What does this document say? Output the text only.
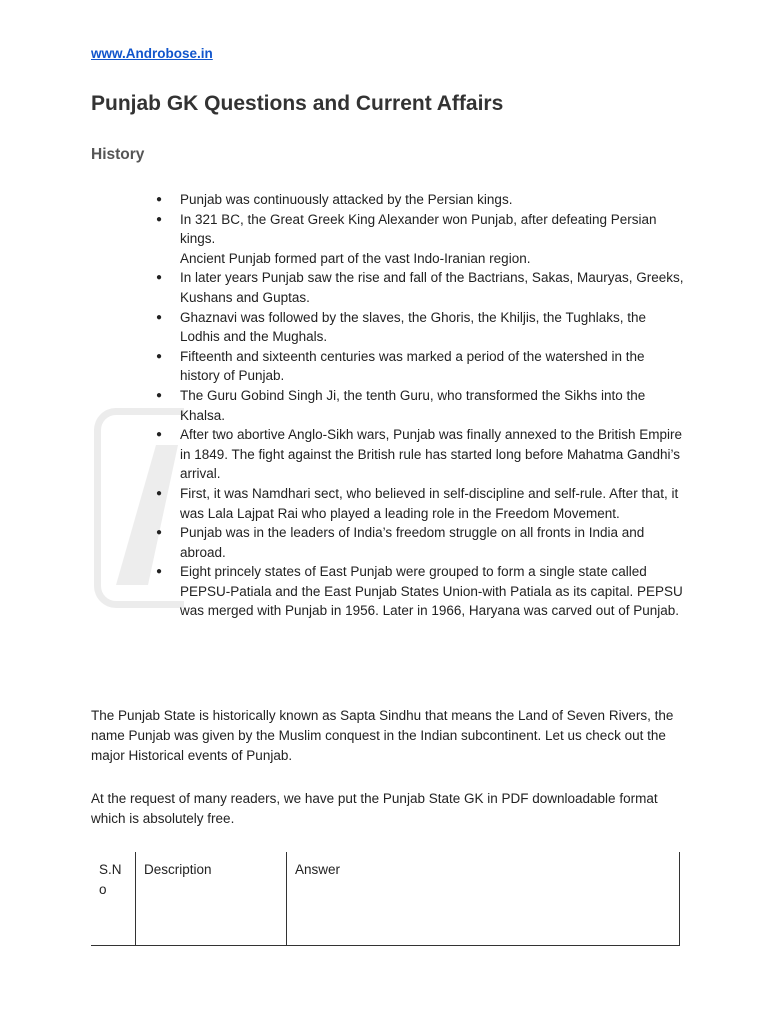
www.Androbose.in
Punjab GK Questions and Current Affairs
History
● Punjab was continuously attacked by the Persian kings.
● In 321 BC, the Great Greek King Alexander won Punjab, after defeating Persian kings.
Ancient Punjab formed part of the vast Indo-Iranian region.
● In later years Punjab saw the rise and fall of the Bactrians, Sakas, Mauryas, Greeks, Kushans and Guptas.
● Ghaznavi was followed by the slaves, the Ghoris, the Khiljis, the Tughlaks, the Lodhis and the Mughals.
● Fifteenth and sixteenth centuries was marked a period of the watershed in the history of Punjab.
● The Guru Gobind Singh Ji, the tenth Guru, who transformed the Sikhs into the Khalsa.
● After two abortive Anglo-Sikh wars, Punjab was finally annexed to the British Empire in 1849. The fight against the British rule has started long before Mahatma Gandhi’s arrival.
● First, it was Namdhari sect, who believed in self-discipline and self-rule. After that, it was Lala Lajpat Rai who played a leading role in the Freedom Movement.
● Punjab was in the leaders of India’s freedom struggle on all fronts in India and abroad.
● Eight princely states of East Punjab were grouped to form a single state called PEPSU-Patiala and the East Punjab States Union-with Patiala as its capital. PEPSU was merged with Punjab in 1956. Later in 1966, Haryana was carved out of Punjab.

The Punjab State is historically known as Sapta Sindhu that means the Land of Seven Rivers, the name Punjab was given by the Muslim conquest in the Indian subcontinent. Let us check out the major Historical events of Punjab.

At the request of many readers, we have put the Punjab State GK in PDF downloadable format which is absolutely free.

S.N o	Description	Answer
